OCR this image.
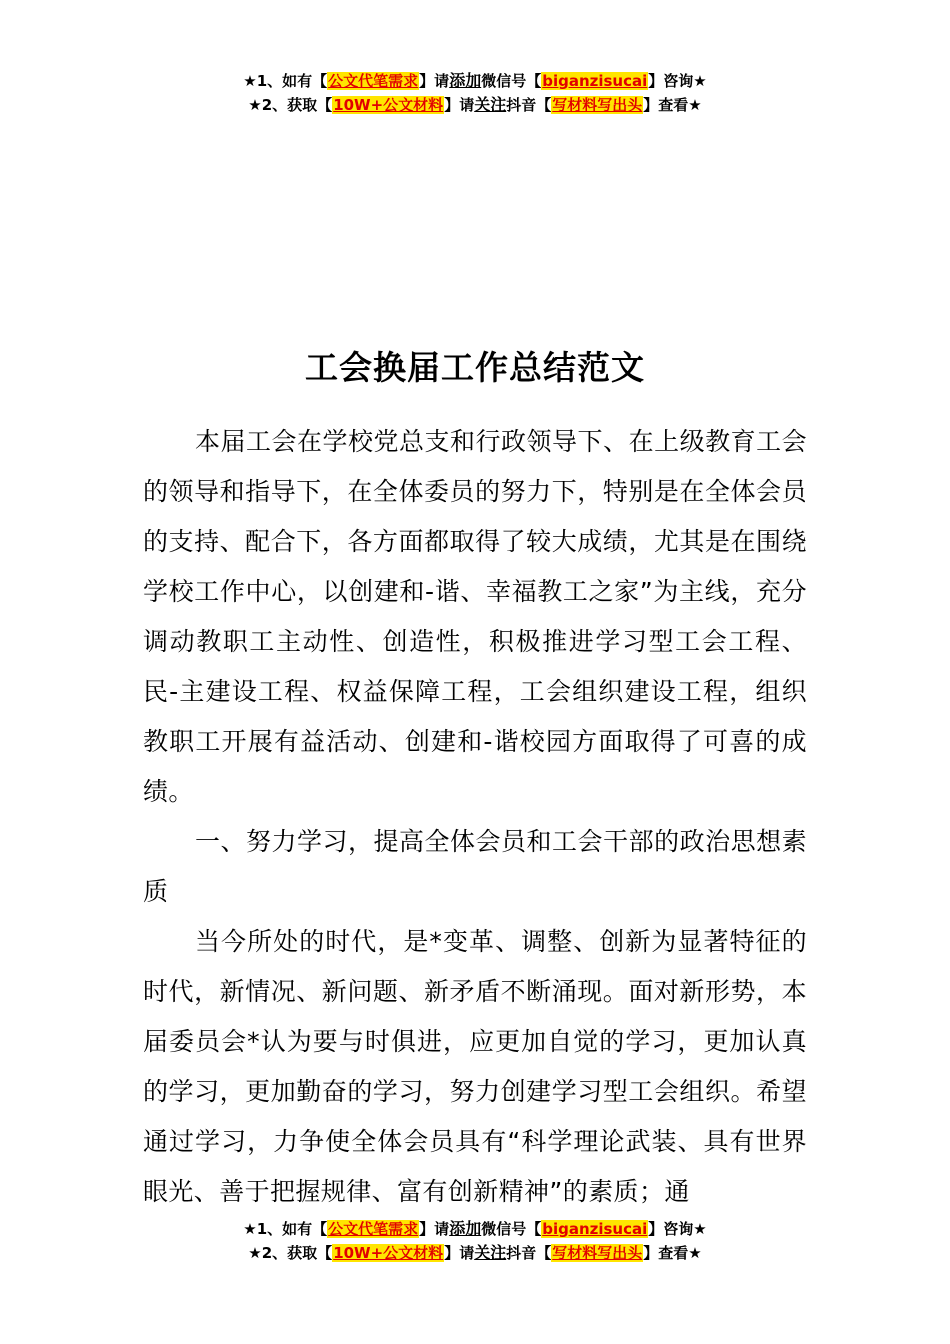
★1、如有【公文代笔需求】请添加微信号【biganzisucai】咨询★
★2、获取【10W+公文材料】请关注抖音【写材料写出头】查看★
工会换届工作总结范文

本届工会在学校党总支和行政领导下、在上级教育工会的领导和指导下，在全体委员的努力下，特别是在全体会员的支持、配合下，各方面都取得了较大成绩，尤其是在围绕学校工作中心，以创建和-谐、幸福教工之家”为主线，充分调动教职工主动性、创造性，积极推进学习型工会工程、民-主建设工程、权益保障工程，工会组织建设工程，组织教职工开展有益活动、创建和-谐校园方面取得了可喜的成绩。

一、努力学习，提高全体会员和工会干部的政治思想素质

当今所处的时代，是*变革、调整、创新为显著特征的时代，新情况、新问题、新矛盾不断涌现。面对新形势，本届委员会*认为要与时俱进，应更加自觉的学习，更加认真的学习，更加勤奋的学习，努力创建学习型工会组织。希望通过学习，力争使全体会员具有“科学理论武装、具有世界眼光、善于把握规律、富有创新精神”的素质；通

★1、如有【公文代笔需求】请添加微信号【biganzisucai】咨询★
★2、获取【10W+公文材料】请关注抖音【写材料写出头】查看★
